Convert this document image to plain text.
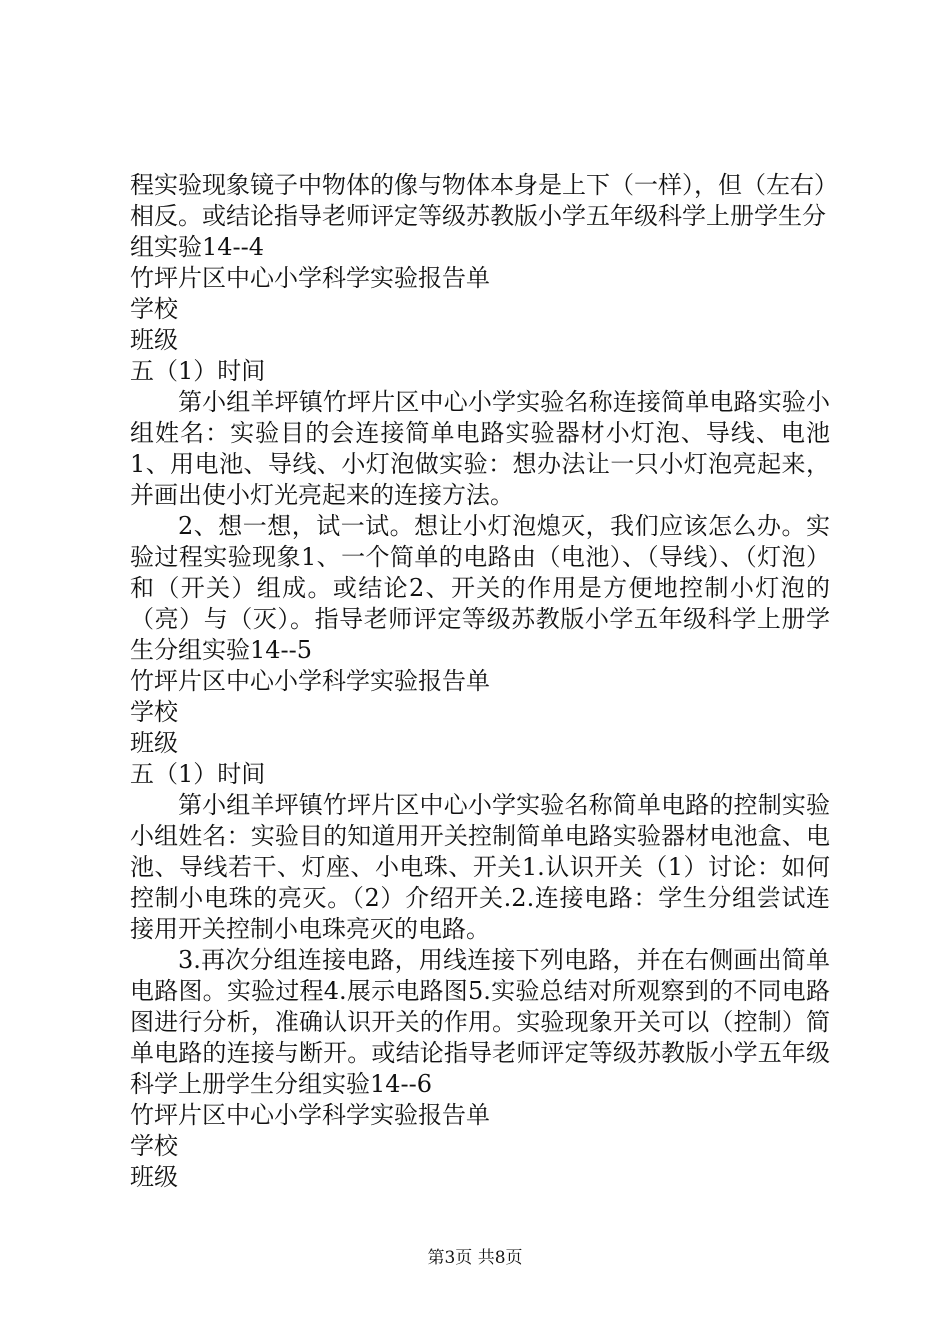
程实验现象镜子中物体的像与物体本身是上下（一样），但（左右）相反。或结论指导老师评定等级苏教版小学五年级科学上册学生分组实验14--4

竹坪片区中心小学科学实验报告单

学校

班级

五（1）时间

第小组羊坪镇竹坪片区中心小学实验名称连接简单电路实验小组姓名：实验目的会连接简单电路实验器材小灯泡、导线、电池1、用电池、导线、小灯泡做实验：想办法让一只小灯泡亮起来，并画出使小灯光亮起来的连接方法。

2、想一想，试一试。想让小灯泡熄灭，我们应该怎么办。实验过程实验现象1、一个简单的电路由（电池）、（导线）、（灯泡）和（开关）组成。或结论2、开关的作用是方便地控制小灯泡的（亮）与（灭）。指导老师评定等级苏教版小学五年级科学上册学生分组实验14--5

竹坪片区中心小学科学实验报告单

学校

班级

五（1）时间

第小组羊坪镇竹坪片区中心小学实验名称简单电路的控制实验小组姓名：实验目的知道用开关控制简单电路实验器材电池盒、电池、导线若干、灯座、小电珠、开关1.认识开关（1）讨论：如何控制小电珠的亮灭。（2）介绍开关.2.连接电路：学生分组尝试连接用开关控制小电珠亮灭的电路。

3.再次分组连接电路，用线连接下列电路，并在右侧画出简单电路图。实验过程4.展示电路图5.实验总结对所观察到的不同电路图进行分析，准确认识开关的作用。实验现象开关可以（控制）简单电路的连接与断开。或结论指导老师评定等级苏教版小学五年级科学上册学生分组实验14--6

竹坪片区中心小学科学实验报告单

学校

班级

第3页 共8页
